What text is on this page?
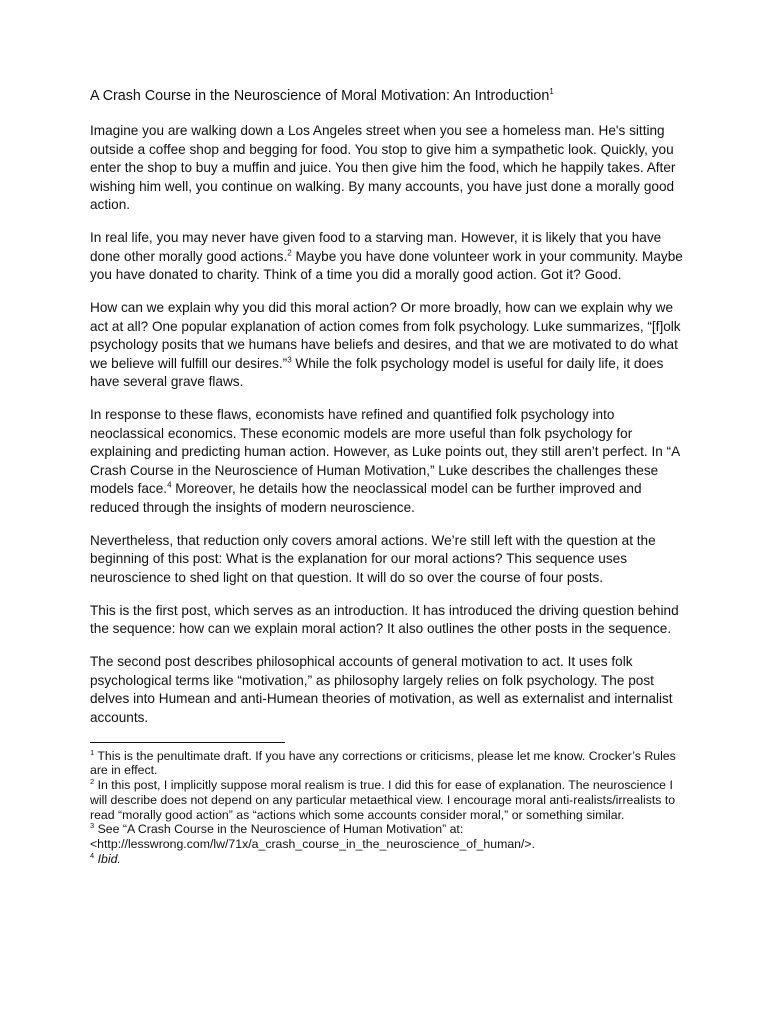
A Crash Course in the Neuroscience of Moral Motivation: An Introduction$^1$

Imagine you are walking down a Los Angeles street when you see a homeless man. He's sitting outside a coffee shop and begging for food. You stop to give him a sympathetic look. Quickly, you enter the shop to buy a muffin and juice. You then give him the food, which he happily takes. After wishing him well, you continue on walking. By many accounts, you have just done a morally good action.

In real life, you may never have given food to a starving man. However, it is likely that you have done other morally good actions.$^2$ Maybe you have done volunteer work in your community. Maybe you have donated to charity. Think of a time you did a morally good action. Got it? Good.

How can we explain why you did this moral action? Or more broadly, how can we explain why we act at all? One popular explanation of action comes from folk psychology. Luke summarizes, “[f]olk psychology posits that we humans have beliefs and desires, and that we are motivated to do what we believe will fulfill our desires.”$^3$ While the folk psychology model is useful for daily life, it does have several grave flaws.

In response to these flaws, economists have refined and quantified folk psychology into neoclassical economics. These economic models are more useful than folk psychology for explaining and predicting human action. However, as Luke points out, they still aren’t perfect. In “A Crash Course in the Neuroscience of Human Motivation,” Luke describes the challenges these models face.$^4$ Moreover, he details how the neoclassical model can be further improved and reduced through the insights of modern neuroscience.

Nevertheless, that reduction only covers amoral actions. We’re still left with the question at the beginning of this post: What is the explanation for our moral actions? This sequence uses neuroscience to shed light on that question. It will do so over the course of four posts.

This is the first post, which serves as an introduction. It has introduced the driving question behind the sequence: how can we explain moral action? It also outlines the other posts in the sequence.

The second post describes philosophical accounts of general motivation to act. It uses folk psychological terms like “motivation,” as philosophy largely relies on folk psychology. The post delves into Humean and anti-Humean theories of motivation, as well as externalist and internalist accounts.

$^1$ This is the penultimate draft. If you have any corrections or criticisms, please let me know. Crocker’s Rules are in effect.

$^2$ In this post, I implicitly suppose moral realism is true. I did this for ease of explanation. The neuroscience I will describe does not depend on any particular metaethical view. I encourage moral anti-realists/irrealists to read “morally good action” as “actions which some accounts consider moral,” or something similar.

$^3$ See “A Crash Course in the Neuroscience of Human Motivation” at: <http://lesswrong.com/lw/71x/a_crash_course_in_the_neuroscience_of_human/>.

$^4$ Ibid.
